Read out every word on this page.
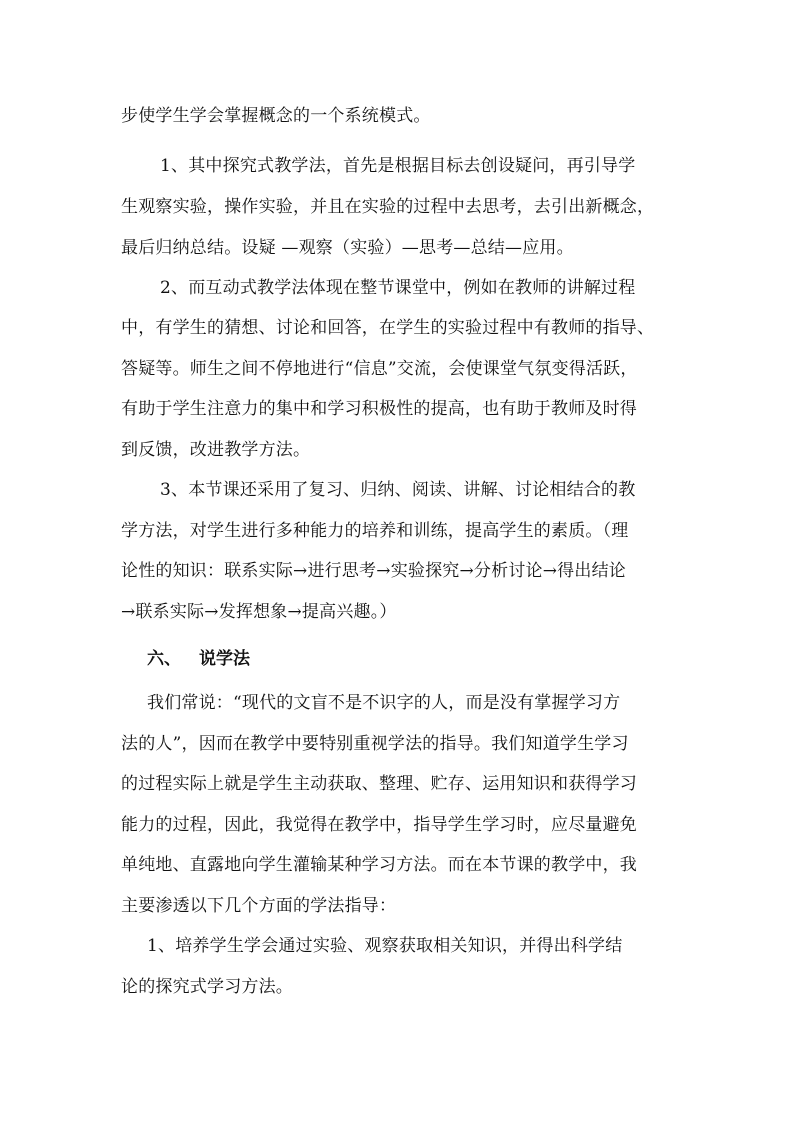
步使学生学会掌握概念的一个系统模式。
1、其中探究式教学法，首先是根据目标去创设疑问，再引导学
生观察实验，操作实验，并且在实验的过程中去思考，去引出新概念，
最后归纳总结。设疑 —观察（实验）—思考—总结—应用。
2、而互动式教学法体现在整节课堂中，例如在教师的讲解过程
中，有学生的猜想、讨论和回答，在学生的实验过程中有教师的指导、
答疑等。师生之间不停地进行“信息”交流，会使课堂气氛变得活跃，
有助于学生注意力的集中和学习积极性的提高，也有助于教师及时得
到反馈，改进教学方法。
3、本节课还采用了复习、归纳、阅读、讲解、讨论相结合的教
学方法，对学生进行多种能力的培养和训练，提高学生的素质。（理
论性的知识：联系实际→进行思考→实验探究→分析讨论→得出结论
→联系实际→发挥想象→提高兴趣。）
六、 说学法
我们常说：“现代的文盲不是不识字的人，而是没有掌握学习方
法的人”，因而在教学中要特别重视学法的指导。我们知道学生学习
的过程实际上就是学生主动获取、整理、贮存、运用知识和获得学习
能力的过程，因此，我觉得在教学中，指导学生学习时，应尽量避免
单纯地、直露地向学生灌输某种学习方法。而在本节课的教学中，我
主要渗透以下几个方面的学法指导：
1、培养学生学会通过实验、观察获取相关知识，并得出科学结
论的探究式学习方法。
